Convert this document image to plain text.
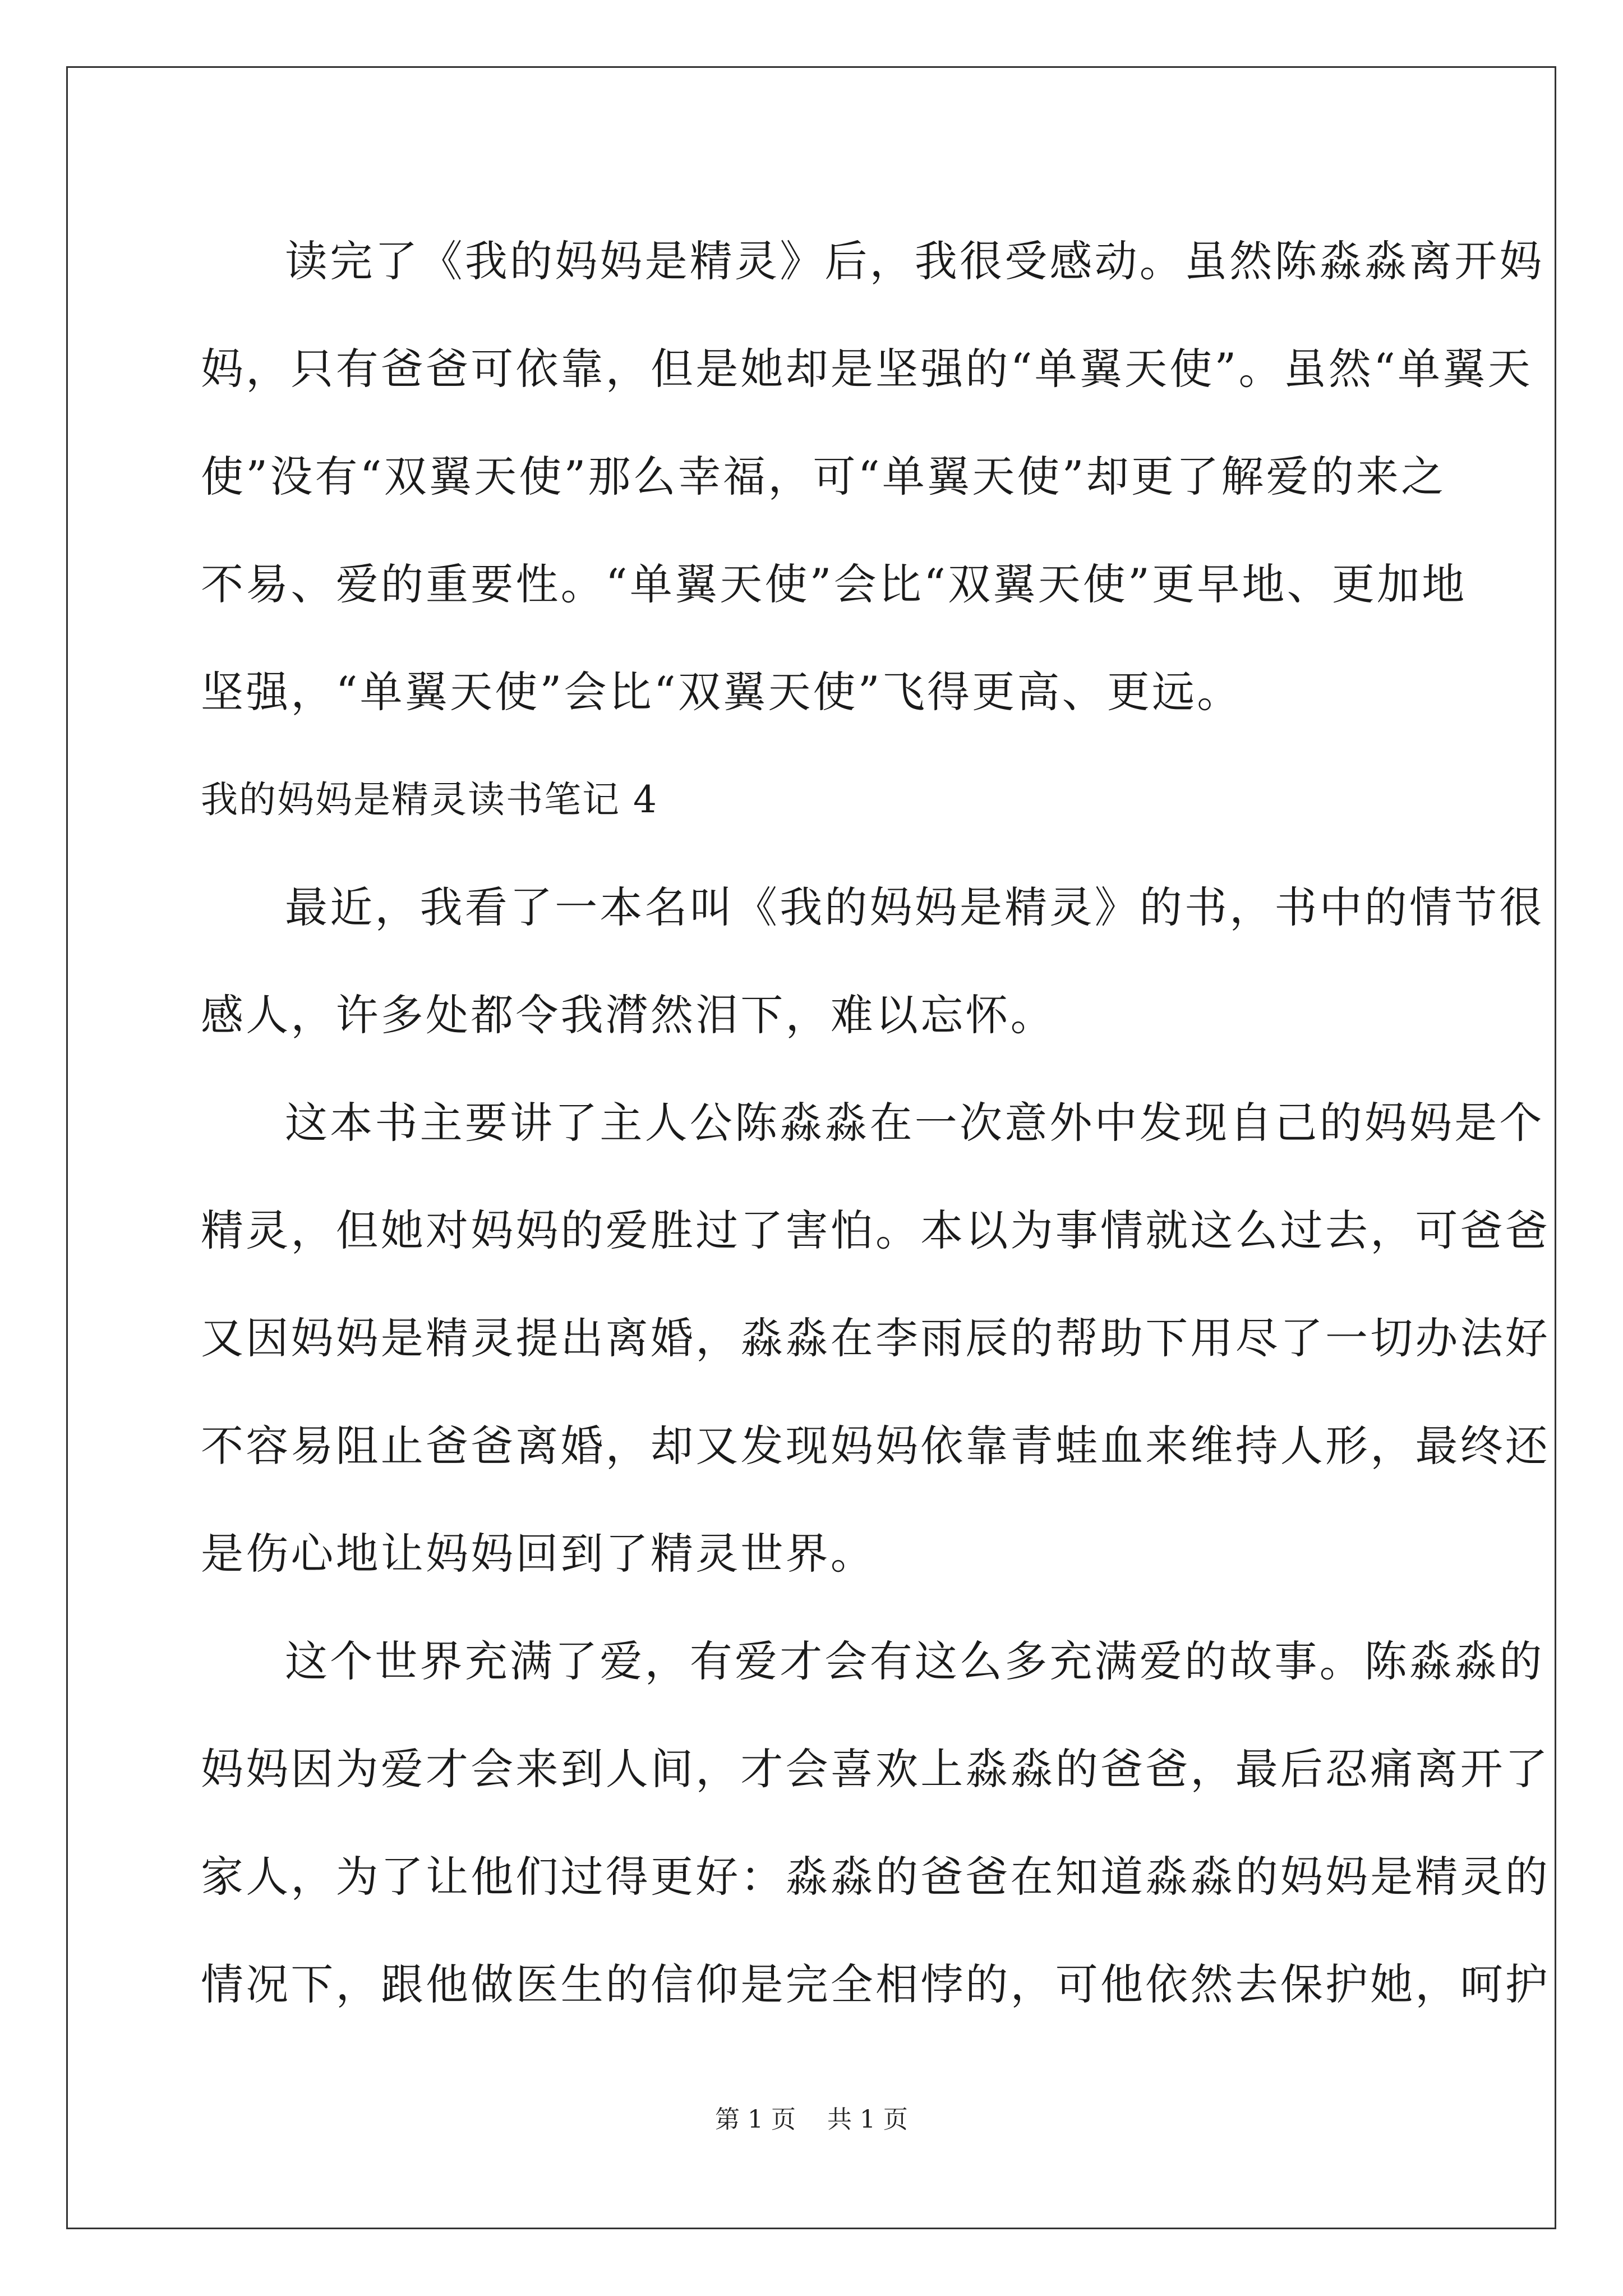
读完了《我的妈妈是精灵》后，我很受感动。虽然陈淼淼离开妈
妈，只有爸爸可依靠，但是她却是坚强的“单翼天使”。虽然“单翼天
使”没有“双翼天使”那么幸福，可“单翼天使”却更了解爱的来之
不易、爱的重要性。“单翼天使”会比“双翼天使”更早地、更加地
坚强，“单翼天使”会比“双翼天使”飞得更高、更远。
我的妈妈是精灵读书笔记 4
最近，我看了一本名叫《我的妈妈是精灵》的书，书中的情节很
感人，许多处都令我潸然泪下，难以忘怀。
这本书主要讲了主人公陈淼淼在一次意外中发现自己的妈妈是个
精灵，但她对妈妈的爱胜过了害怕。本以为事情就这么过去，可爸爸
又因妈妈是精灵提出离婚，淼淼在李雨辰的帮助下用尽了一切办法好
不容易阻止爸爸离婚，却又发现妈妈依靠青蛙血来维持人形，最终还
是伤心地让妈妈回到了精灵世界。
这个世界充满了爱，有爱才会有这么多充满爱的故事。陈淼淼的
妈妈因为爱才会来到人间，才会喜欢上淼淼的爸爸，最后忍痛离开了
家人，为了让他们过得更好：淼淼的爸爸在知道淼淼的妈妈是精灵的
情况下，跟他做医生的信仰是完全相悖的，可他依然去保护她，呵护
第 1 页    共 1 页
